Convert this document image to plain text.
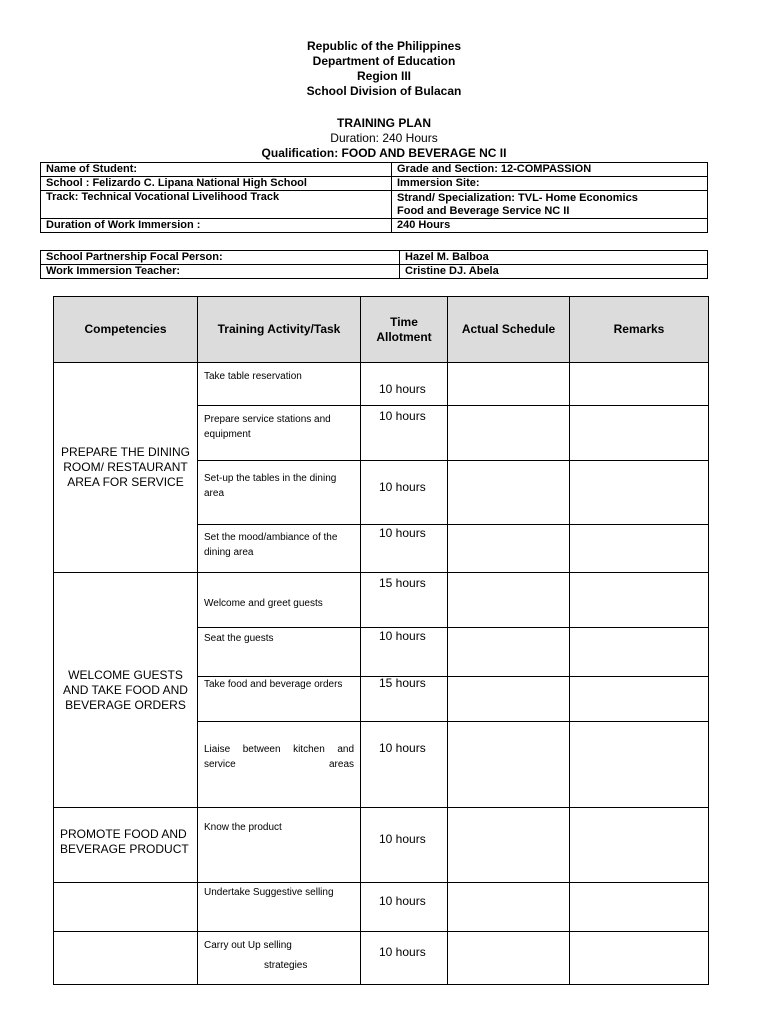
Republic of the Philippines
Department of Education
Region III
School Division of Bulacan
TRAINING PLAN
Duration: 240 Hours
Qualification: FOOD AND BEVERAGE NC II
Name of Student:	Grade and Section: 12-COMPASSION
School : Felizardo C. Lipana National High School	Immersion Site:
Track: Technical Vocational Livelihood Track	Strand/ Specialization: TVL- Home Economics
Food and Beverage Service NC II

Duration of Work Immersion :	240 Hours
School Partnership Focal Person:	Hazel M. Balboa
Work Immersion Teacher:	Cristine DJ. Abela
Competencies	Training Activity/Task	Time Allotment	Actual Schedule	Remarks
PREPARE THE DINING ROOM/ RESTAURANT AREA FOR SERVICE	Take table reservation	10 hours		
	Prepare service stations and equipment	10 hours		
	Set-up the tables in the dining area	10 hours		
	Set the mood/ambiance of the dining area	10 hours		
WELCOME GUESTS AND TAKE FOOD AND BEVERAGE ORDERS	Welcome and greet guests	15 hours		
	Seat the guests	10 hours		
	Take food and beverage orders	15 hours		
	Liaise between kitchen and service areas	10 hours		
PROMOTE FOOD AND BEVERAGE PRODUCT	Know the product	10 hours		
	Undertake Suggestive selling	10 hours		

	Carry out Up selling
strategies	10 hours		
